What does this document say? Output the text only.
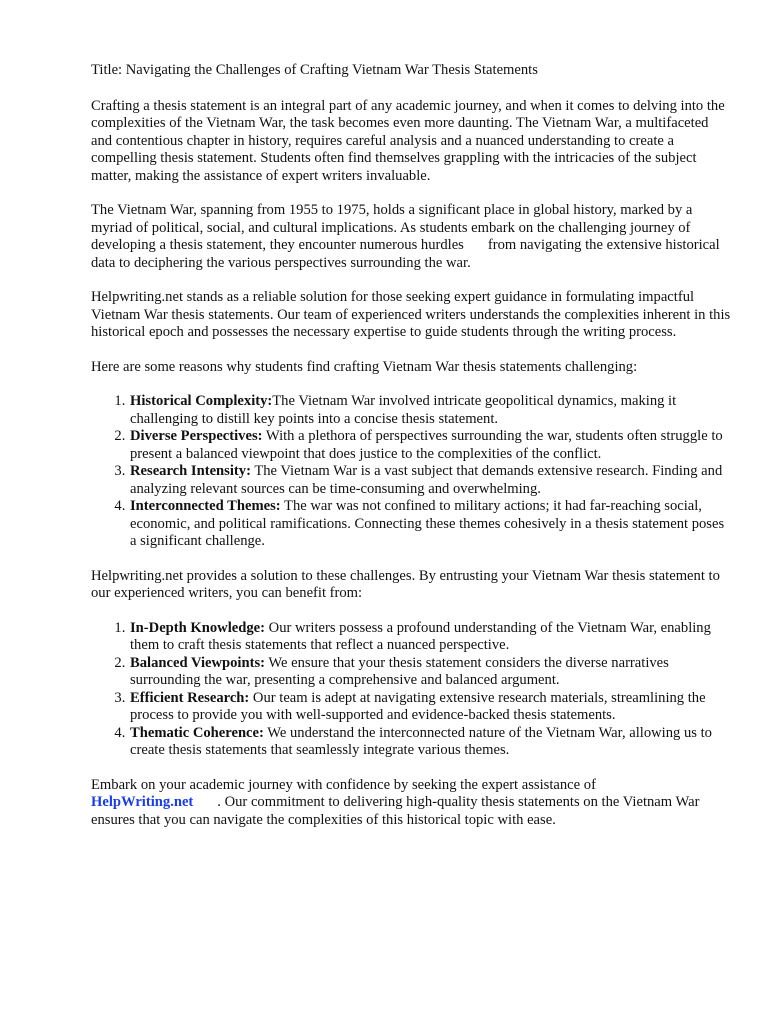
Title: Navigating the Challenges of Crafting Vietnam War Thesis Statements

Crafting a thesis statement is an integral part of any academic journey, and when it comes to delving into the complexities of the Vietnam War, the task becomes even more daunting. The Vietnam War, a multifaceted and contentious chapter in history, requires careful analysis and a nuanced understanding to create a compelling thesis statement. Students often find themselves grappling with the intricacies of the subject matter, making the assistance of expert writers invaluable.

The Vietnam War, spanning from 1955 to 1975, holds a significant place in global history, marked by a myriad of political, social, and cultural implications. As students embark on the challenging journey of developing a thesis statement, they encounter numerous hurdles from navigating the extensive historical data to deciphering the various perspectives surrounding the war.

Helpwriting.net stands as a reliable solution for those seeking expert guidance in formulating impactful Vietnam War thesis statements. Our team of experienced writers understands the complexities inherent in this historical epoch and possesses the necessary expertise to guide students through the writing process.

Here are some reasons why students find crafting Vietnam War thesis statements challenging:

1. Historical Complexity:The Vietnam War involved intricate geopolitical dynamics, making it challenging to distill key points into a concise thesis statement.
2. Diverse Perspectives: With a plethora of perspectives surrounding the war, students often struggle to present a balanced viewpoint that does justice to the complexities of the conflict.
3. Research Intensity: The Vietnam War is a vast subject that demands extensive research. Finding and analyzing relevant sources can be time-consuming and overwhelming.
4. Interconnected Themes: The war was not confined to military actions; it had far-reaching social, economic, and political ramifications. Connecting these themes cohesively in a thesis statement poses a significant challenge.

Helpwriting.net provides a solution to these challenges. By entrusting your Vietnam War thesis statement to our experienced writers, you can benefit from:

1. In-Depth Knowledge: Our writers possess a profound understanding of the Vietnam War, enabling them to craft thesis statements that reflect a nuanced perspective.
2. Balanced Viewpoints: We ensure that your thesis statement considers the diverse narratives surrounding the war, presenting a comprehensive and balanced argument.
3. Efficient Research: Our team is adept at navigating extensive research materials, streamlining the process to provide you with well-supported and evidence-backed thesis statements.
4. Thematic Coherence: We understand the interconnected nature of the Vietnam War, allowing us to create thesis statements that seamlessly integrate various themes.

Embark on your academic journey with confidence by seeking the expert assistance of
HelpWriting.net . Our commitment to delivering high-quality thesis statements on the Vietnam War ensures that you can navigate the complexities of this historical topic with ease.
